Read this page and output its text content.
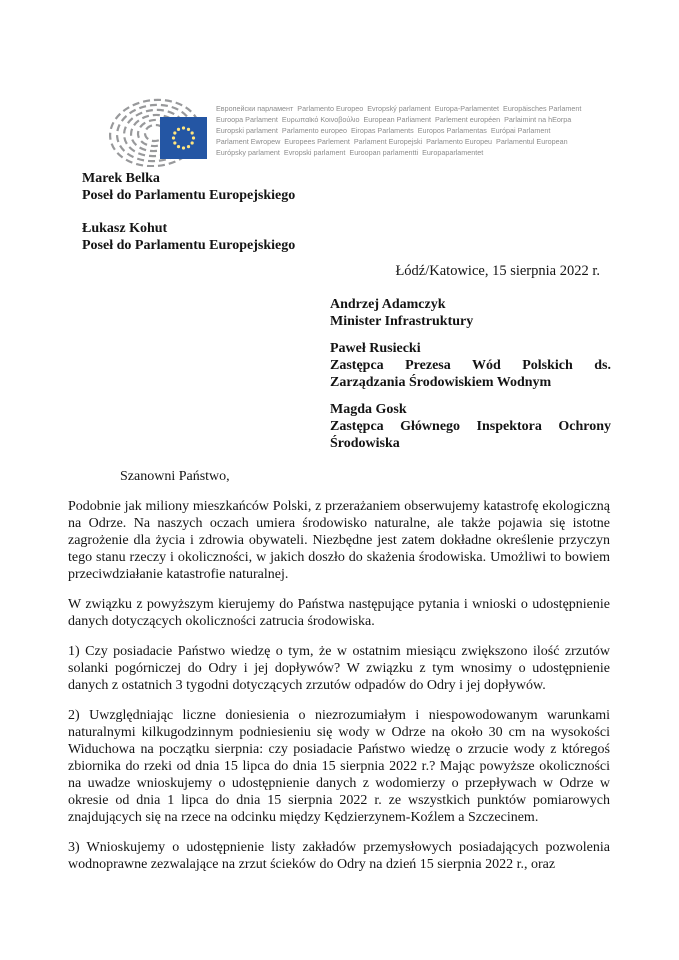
Европейски парламент  Parlamento Europeo  Evropský parlament  Europa-Parlamentet  Europäisches Parlament
Euroopa Parlament  Ευρωπαϊκό Κοινοβούλιο  European Parliament  Parlement européen  Parlaimint na hEorpa
Europski parlament  Parlamento europeo  Eiropas Parlaments  Europos Parlamentas  Európai Parlament
Parlament Ewropew  Europees Parlement  Parlament Europejski  Parlamento Europeu  Parlamentul European
Európsky parlament  Evropski parlament  Euroopan parlamentti  Europaparlamentet
Marek Belka
Poseł do Parlamentu Europejskiego
Łukasz Kohut
Poseł do Parlamentu Europejskiego
Łódź/Katowice, 15 sierpnia 2022 r.
Andrzej Adamczyk
Minister Infrastruktury
Paweł Rusiecki
Zastępca Prezesa Wód Polskich ds. Zarządzania Środowiskiem Wodnym
Magda Gosk
Zastępca Głównego Inspektora Ochrony Środowiska

Szanowni Państwo,

Podobnie jak miliony mieszkańców Polski, z przerażaniem obserwujemy katastrofę ekologiczną na Odrze. Na naszych oczach umiera środowisko naturalne, ale także pojawia się istotne zagrożenie dla życia i zdrowia obywateli. Niezbędne jest zatem dokładne określenie przyczyn tego stanu rzeczy i okoliczności, w jakich doszło do skażenia środowiska. Umożliwi to bowiem przeciwdziałanie katastrofie naturalnej.

W związku z powyższym kierujemy do Państwa następujące pytania i wnioski o udostępnienie danych dotyczących okoliczności zatrucia środowiska.

1) Czy posiadacie Państwo wiedzę o tym, że w ostatnim miesiącu zwiększono ilość zrzutów solanki pogórniczej do Odry i jej dopływów? W związku z tym wnosimy o udostępnienie danych z ostatnich 3 tygodni dotyczących zrzutów odpadów do Odry i jej dopływów.

2) Uwzględniając liczne doniesienia o niezrozumiałym i niespowodowanym warunkami naturalnymi kilkugodzinnym podniesieniu się wody w Odrze na około 30 cm na wysokości Widuchowa na początku sierpnia: czy posiadacie Państwo wiedzę o zrzucie wody z któregoś zbiornika do rzeki od dnia 15 lipca do dnia 15 sierpnia 2022 r.? Mając powyższe okoliczności na uwadze wnioskujemy o udostępnienie danych z wodomierzy o przepływach w Odrze w okresie od dnia 1 lipca do dnia 15 sierpnia 2022 r. ze wszystkich punktów pomiarowych znajdujących się na rzece na odcinku między Kędzierzynem-Koźlem a Szczecinem.

3) Wnioskujemy o udostępnienie listy zakładów przemysłowych posiadających pozwolenia wodnoprawne zezwalające na zrzut ścieków do Odry na dzień 15 sierpnia 2022 r., oraz
